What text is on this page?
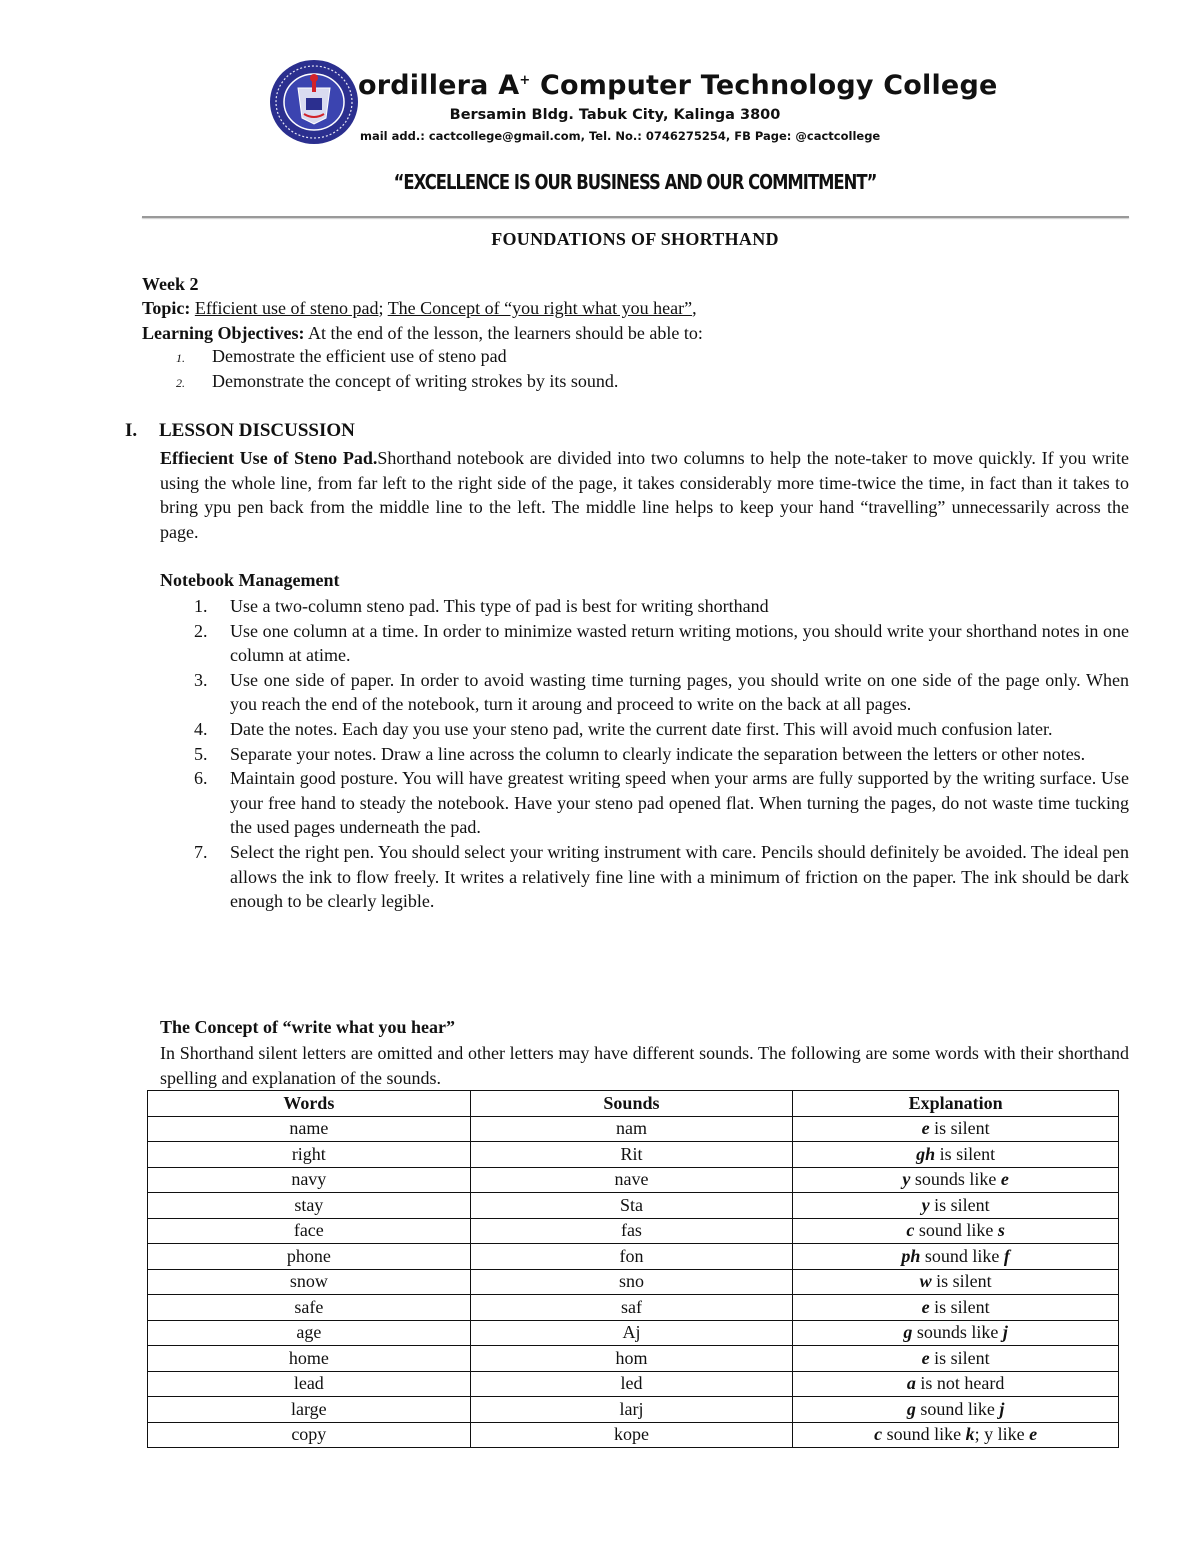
ordillera A+ Computer Technology College
Bersamin Bldg. Tabuk City, Kalinga 3800
mail add.: cactcollege@gmail.com, Tel. No.: 0746275254, FB Page: @cactcollege
“EXCELLENCE IS OUR BUSINESS AND OUR COMMITMENT”
FOUNDATIONS OF SHORTHAND
Week 2
Topic: Efficient use of steno pad; The Concept of “you right what you hear”,
Learning Objectives: At the end of the lesson, the learners should be able to:
1. Demostrate the efficient use of steno pad
2. Demonstrate the concept of writing strokes by its sound.
I. LESSON DISCUSSION
Effiecient Use of Steno Pad.Shorthand notebook are divided into two columns to help the note-taker to move quickly. If you write using the whole line, from far left to the right side of the page, it takes considerably more time-twice the time, in fact than it takes to bring ypu pen back from the middle line to the left. The middle line helps to keep your hand “travelling” unnecessarily across the page.
Notebook Management
1. Use a two-column steno pad. This type of pad is best for writing shorthand
2. Use one column at a time. In order to minimize wasted return writing motions, you should write your shorthand notes in one column at atime.
3. Use one side of paper. In order to avoid wasting time turning pages, you should write on one side of the page only. When you reach the end of the notebook, turn it aroung and proceed to write on the back at all pages.
4. Date the notes. Each day you use your steno pad, write the current date first. This will avoid much confusion later.
5. Separate your notes. Draw a line across the column to clearly indicate the separation between the letters or other notes.
6. Maintain good posture. You will have greatest writing speed when your arms are fully supported by the writing surface. Use your free hand to steady the notebook. Have your steno pad opened flat. When turning the pages, do not waste time tucking the used pages underneath the pad.
7. Select the right pen. You should select your writing instrument with care. Pencils should definitely be avoided. The ideal pen allows the ink to flow freely. It writes a relatively fine line with a minimum of friction on the paper. The ink should be dark enough to be clearly legible.
The Concept of “write what you hear”
In Shorthand silent letters are omitted and other letters may have different sounds. The following are some words with their shorthand spelling and explanation of the sounds.
Words	Sounds	Explanation
name	nam	e is silent
right	Rit	gh is silent
navy	nave	y sounds like e
stay	Sta	y is silent
face	fas	c sound like s
phone	fon	ph sound like f
snow	sno	w is silent
safe	saf	e is silent
age	Aj	g sounds like j
home	hom	e is silent
lead	led	a is not heard
large	larj	g sound like j
copy	kope	c sound like k; y like e
